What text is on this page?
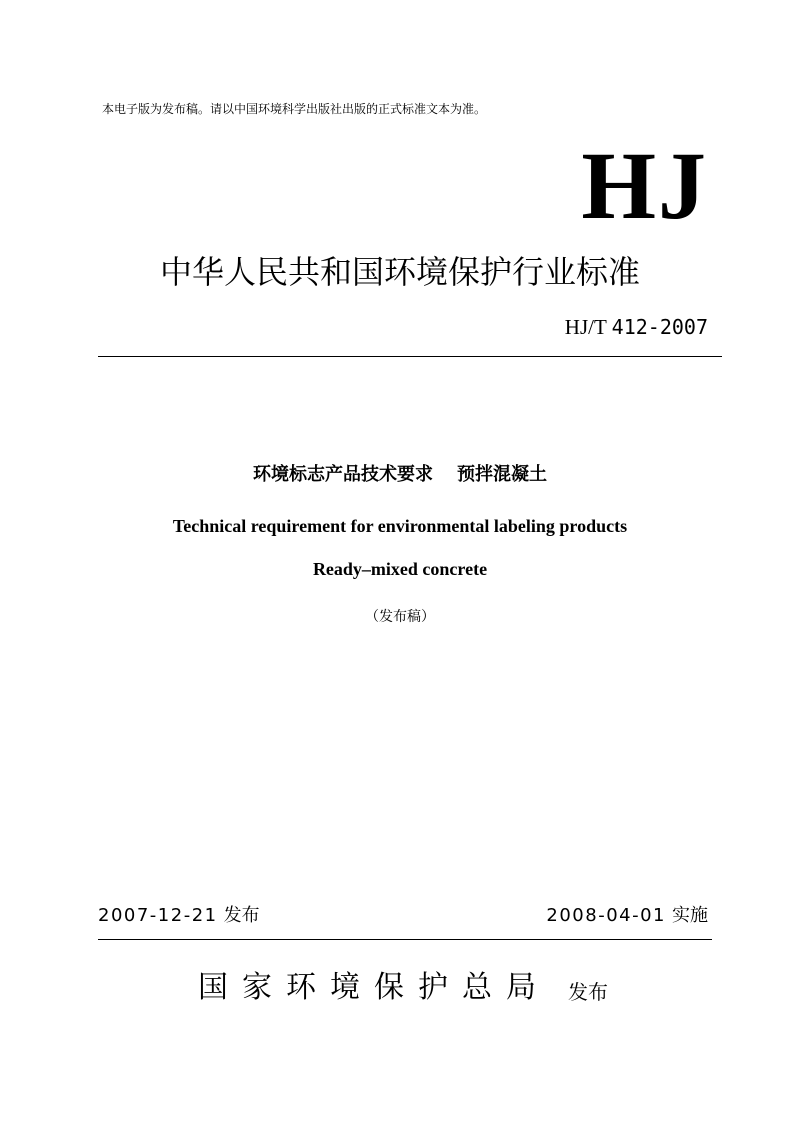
本电子版为发布稿。请以中国环境科学出版社出版的正式标准文本为准。
HJ
中华人民共和国环境保护行业标准
HJ/T 412-2007
环境标志产品技术要求 预拌混凝土
Technical requirement for environmental labeling products
Ready–mixed concrete
（发布稿）
2007-12-21 发布	2008-04-01 实施
国家环境保护总局 发布
